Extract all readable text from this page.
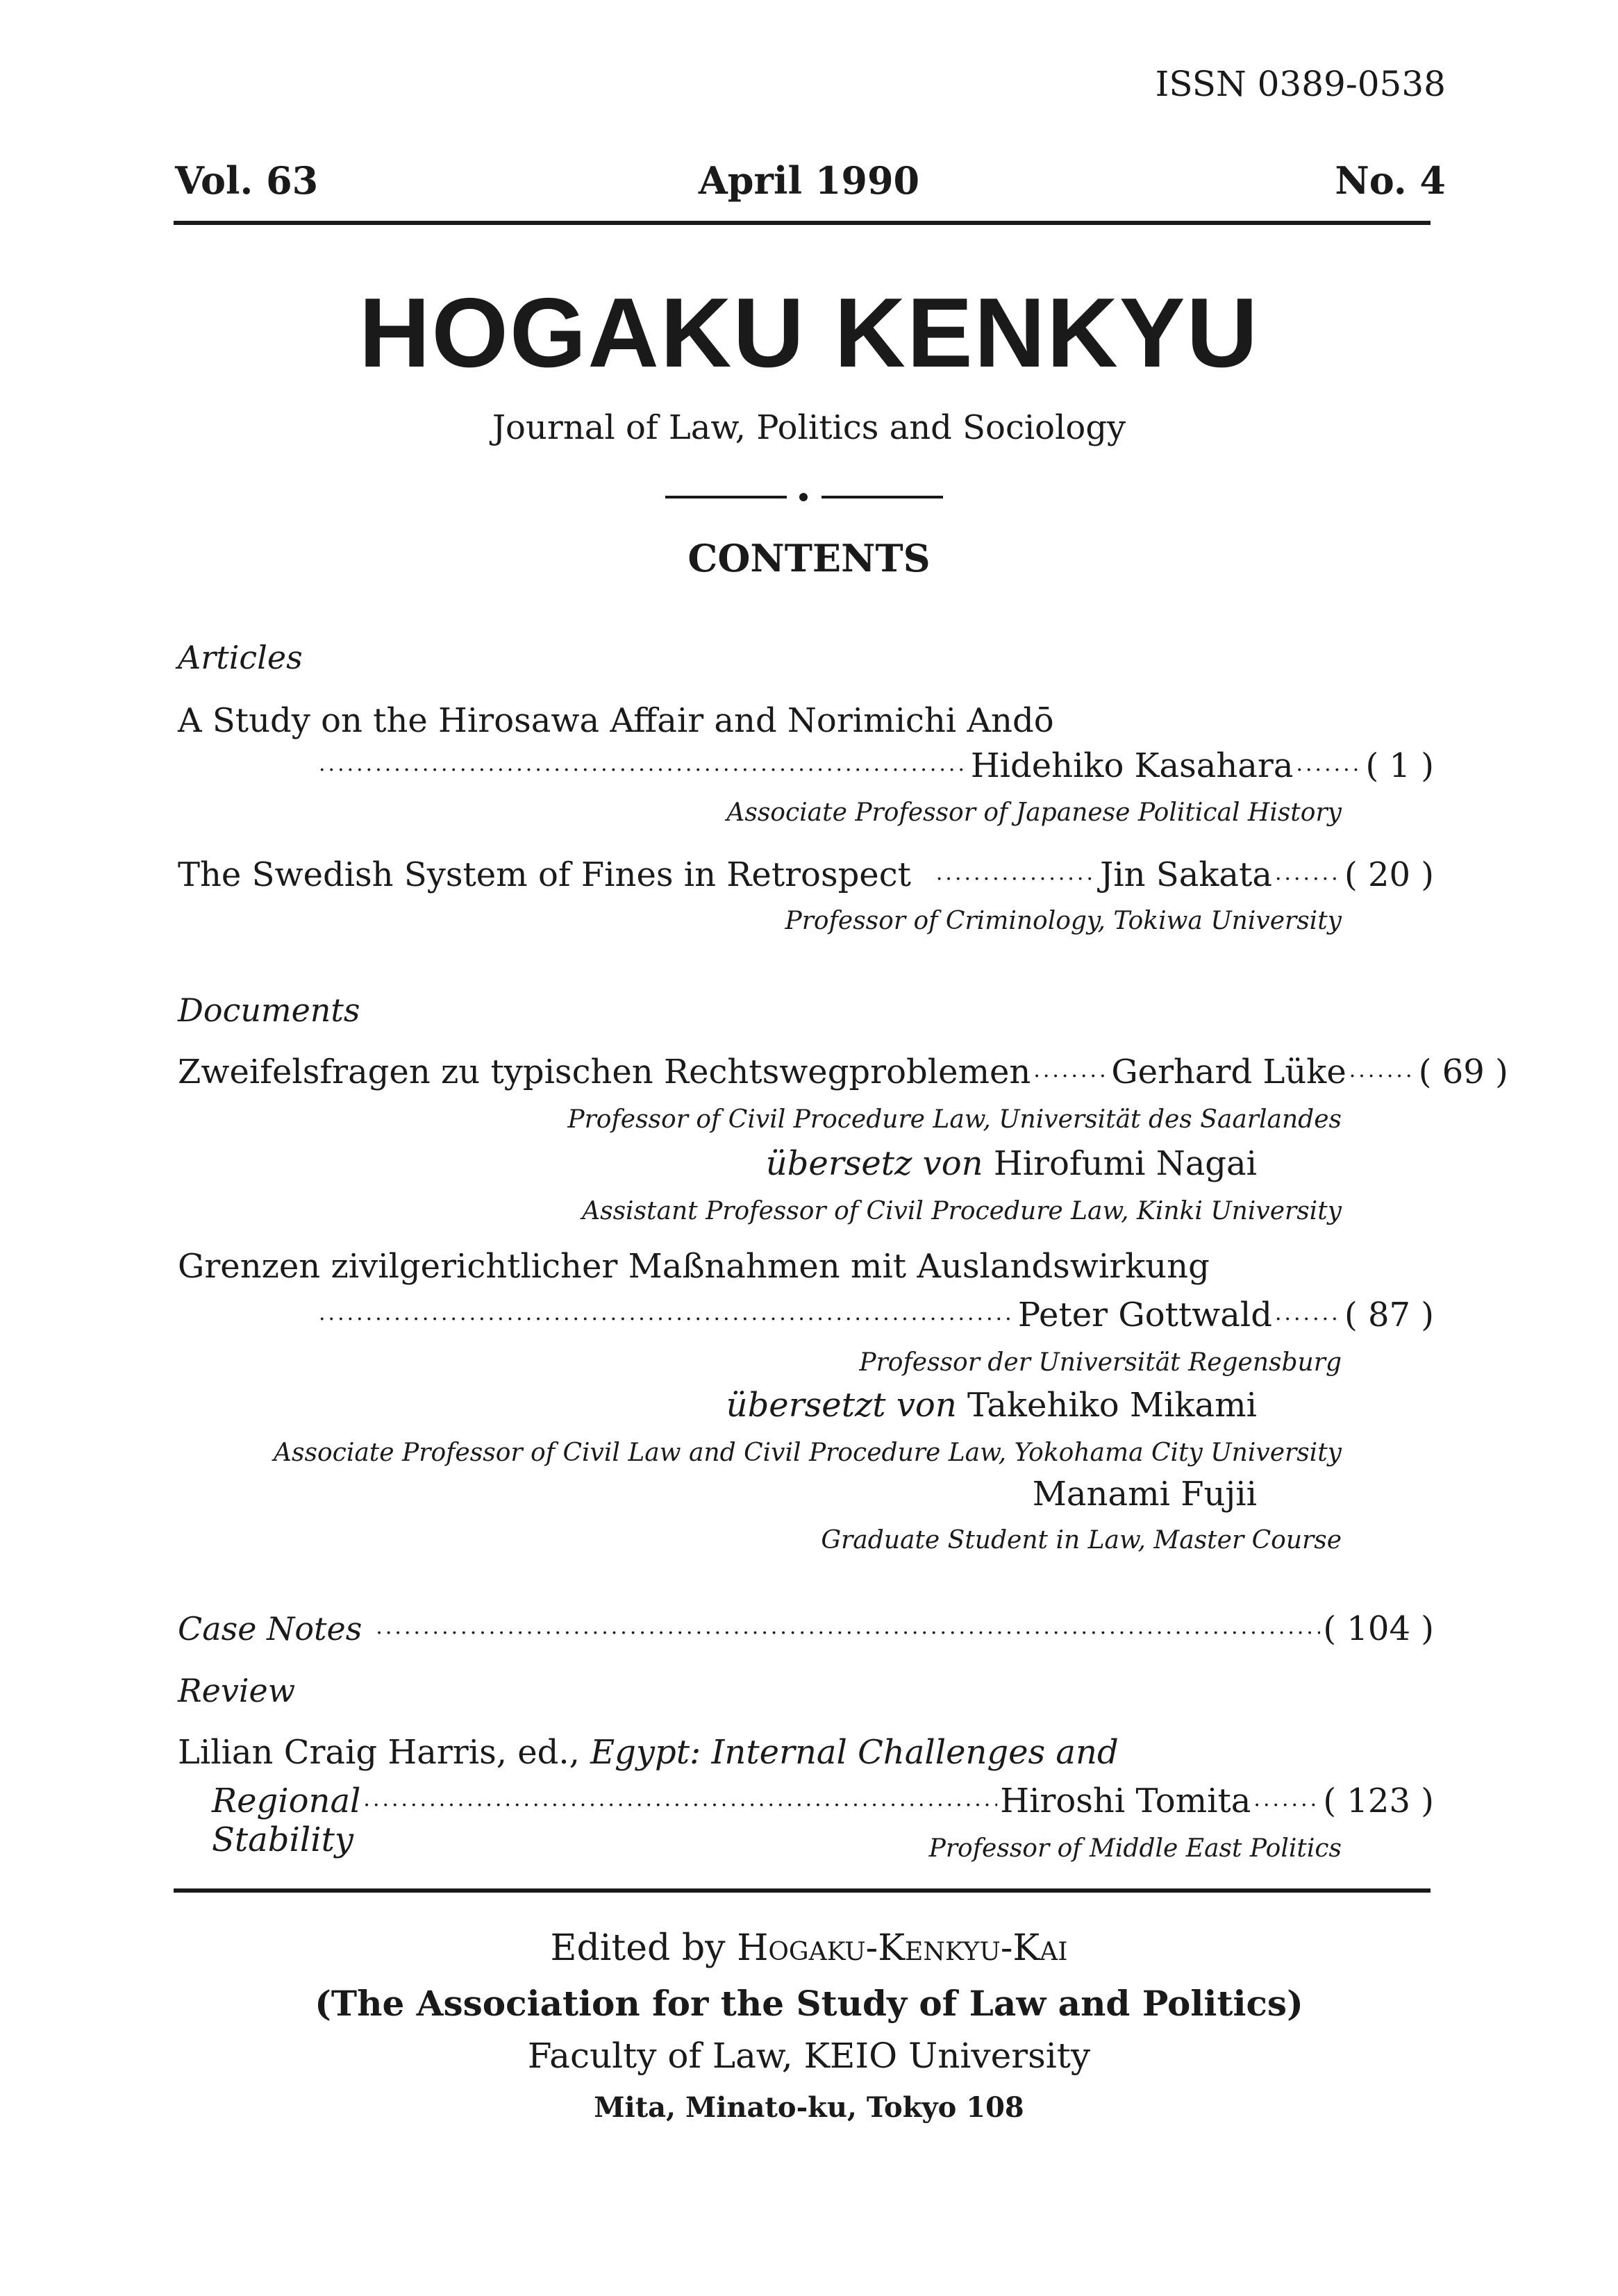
ISSN 0389-0538
Vol. 63	April 1990	No. 4
HOGAKU KENKYU
Journal of Law, Politics and Sociology
CONTENTS
Articles
A Study on the Hirosawa Affair and Norimichi Andō
·····
Hidehiko Kasahara ····· ( 1 )
Associate Professor of Japanese Political History
The Swedish System of Fines in Retrospect ·····	Jin Sakata ····· ( 20 )
Professor of Criminology, Tokiwa University
Documents
Zweifelsfragen zu typischen Rechtswegproblemen ····· Gerhard Lüke ····· ( 69 )
Professor of Civil Procedure Law, Universität des Saarlandes
übersetz von Hirofumi Nagai
Assistant Professor of Civil Procedure Law, Kinki University
Grenzen zivilgerichtlicher Maßnahmen mit Auslandswirkung
·····
Peter Gottwald ····· ( 87 )
Professor der Universität Regensburg
übersetzt von Takehiko Mikami
Associate Professor of Civil Law and Civil Procedure Law, Yokohama City University
Manami Fujii
Graduate Student in Law, Master Course
Case Notes ·····	( 104 )
Review
Lilian Craig Harris, ed., Egypt: Internal Challenges and
Regional Stability
·····
Hiroshi Tomita ····· ( 123 )
Professor of Middle East Politics
Edited by Hogaku-Kenkyu-Kai
(The Association for the Study of Law and Politics)
Faculty of Law, KEIO University
Mita, Minato-ku, Tokyo 108
